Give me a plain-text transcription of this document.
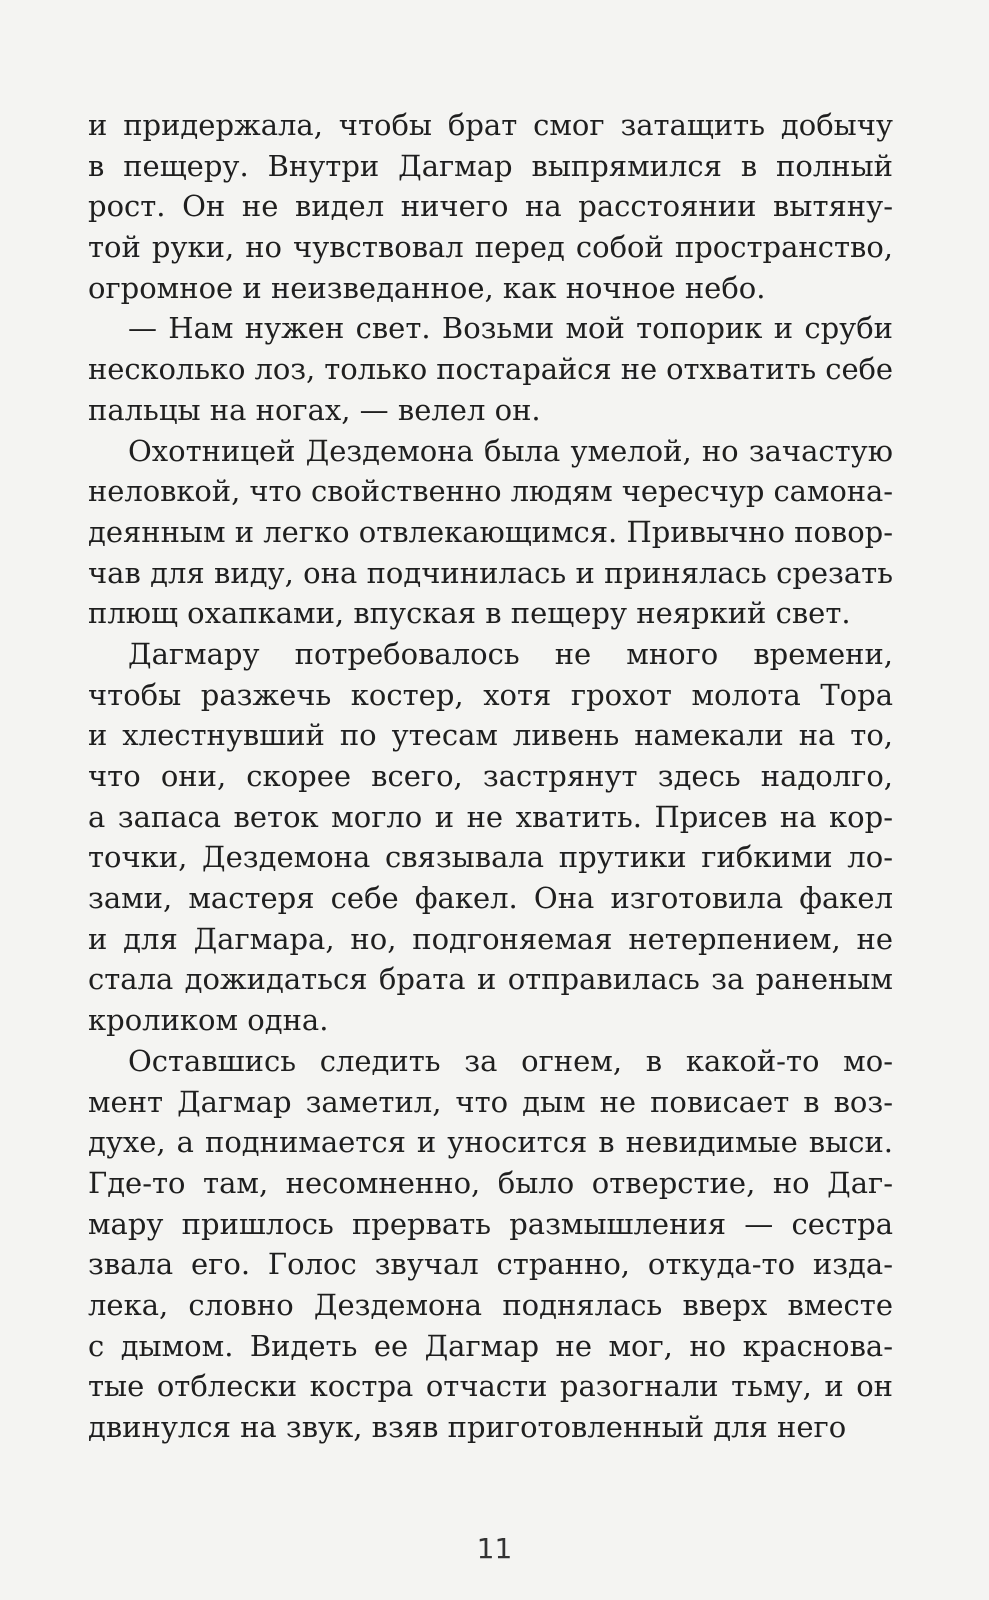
и придержала, чтобы брат смог затащить добычу
в пещеру. Внутри Дагмар выпрямился в полный
рост. Он не видел ничего на расстоянии вытяну-
той руки, но чувствовал перед собой пространство,
огромное и неизведанное, как ночное небо.
— Нам нужен свет. Возьми мой топорик и сруби
несколько лоз, только постарайся не отхватить себе
пальцы на ногах, — велел он.
Охотницей Дездемона была умелой, но зачастую
неловкой, что свойственно людям чересчур самона-
деянным и легко отвлекающимся. Привычно повор-
чав для виду, она подчинилась и принялась срезать
плющ охапками, впуская в пещеру неяркий свет.
Дагмару потребовалось не много времени,
чтобы разжечь костер, хотя грохот молота Тора
и хлестнувший по утесам ливень намекали на то,
что они, скорее всего, застрянут здесь надолго,
а запаса веток могло и не хватить. Присев на кор-
точки, Дездемона связывала прутики гибкими ло-
зами, мастеря себе факел. Она изготовила факел
и для Дагмара, но, подгоняемая нетерпением, не
стала дожидаться брата и отправилась за раненым
кроликом одна.
Оставшись следить за огнем, в какой-то мо-
мент Дагмар заметил, что дым не повисает в воз-
духе, а поднимается и уносится в невидимые выси.
Где-то там, несомненно, было отверстие, но Даг-
мару пришлось прервать размышления — сестра
звала его. Голос звучал странно, откуда-то изда-
лека, словно Дездемона поднялась вверх вместе
с дымом. Видеть ее Дагмар не мог, но краснова-
тые отблески костра отчасти разогнали тьму, и он
двинулся на звук, взяв приготовленный для него
11
